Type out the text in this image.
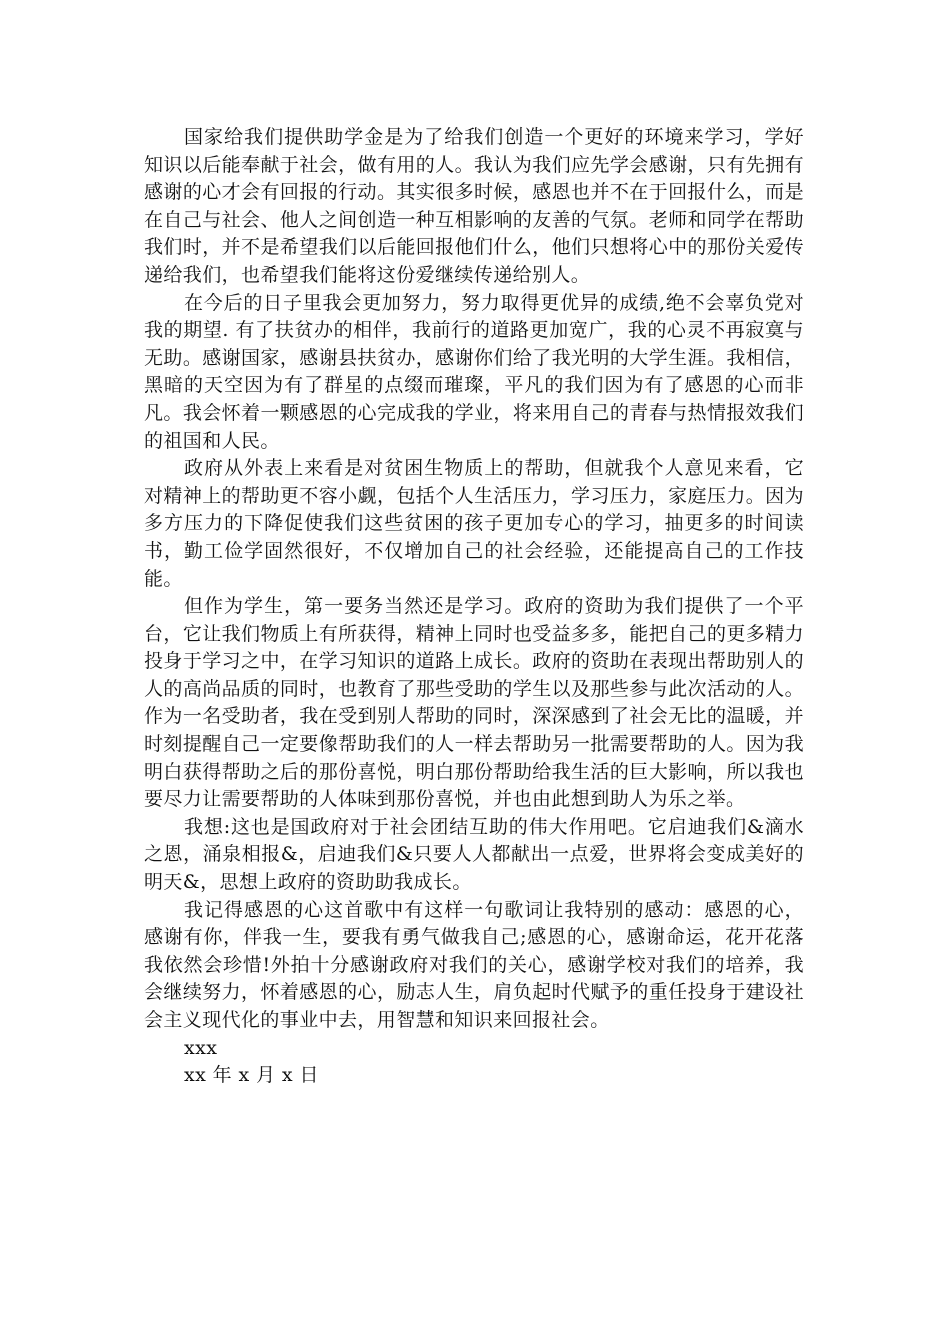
国家给我们提供助学金是为了给我们创造一个更好的环境来学习，学好知识以后能奉献于社会，做有用的人。我认为我们应先学会感谢，只有先拥有感谢的心才会有回报的行动。其实很多时候，感恩也并不在于回报什么，而是在自己与社会、他人之间创造一种互相影响的友善的气氛。老师和同学在帮助我们时，并不是希望我们以后能回报他们什么，他们只想将心中的那份关爱传递给我们，也希望我们能将这份爱继续传递给别人。

在今后的日子里我会更加努力，努力取得更优异的成绩,绝不会辜负党对我的期望. 有了扶贫办的相伴，我前行的道路更加宽广，我的心灵不再寂寞与无助。感谢国家，感谢县扶贫办，感谢你们给了我光明的大学生涯。我相信，黑暗的天空因为有了群星的点缀而璀璨，平凡的我们因为有了感恩的心而非凡。我会怀着一颗感恩的心完成我的学业，将来用自己的青春与热情报效我们的祖国和人民。

政府从外表上来看是对贫困生物质上的帮助，但就我个人意见来看，它对精神上的帮助更不容小觑，包括个人生活压力，学习压力，家庭压力。因为多方压力的下降促使我们这些贫困的孩子更加专心的学习，抽更多的时间读书，勤工俭学固然很好，不仅增加自己的社会经验，还能提高自己的工作技能。

但作为学生，第一要务当然还是学习。政府的资助为我们提供了一个平台，它让我们物质上有所获得，精神上同时也受益多多，能把自己的更多精力投身于学习之中，在学习知识的道路上成长。政府的资助在表现出帮助别人的人的高尚品质的同时，也教育了那些受助的学生以及那些参与此次活动的人。作为一名受助者，我在受到别人帮助的同时，深深感到了社会无比的温暖，并时刻提醒自己一定要像帮助我们的人一样去帮助另一批需要帮助的人。因为我明白获得帮助之后的那份喜悦，明白那份帮助给我生活的巨大影响，所以我也要尽力让需要帮助的人体味到那份喜悦，并也由此想到助人为乐之举。

我想:这也是国政府对于社会团结互助的伟大作用吧。它启迪我们&滴水之恩，涌泉相报&，启迪我们&只要人人都献出一点爱，世界将会变成美好的明天&，思想上政府的资助助我成长。

我记得感恩的心这首歌中有这样一句歌词让我特别的感动：感恩的心，感谢有你，伴我一生，要我有勇气做我自己;感恩的心，感谢命运，花开花落我依然会珍惜!外拍十分感谢政府对我们的关心，感谢学校对我们的培养，我会继续努力，怀着感恩的心，励志人生，肩负起时代赋予的重任投身于建设社会主义现代化的事业中去，用智慧和知识来回报社会。

xxx

xx 年 x 月 x 日
